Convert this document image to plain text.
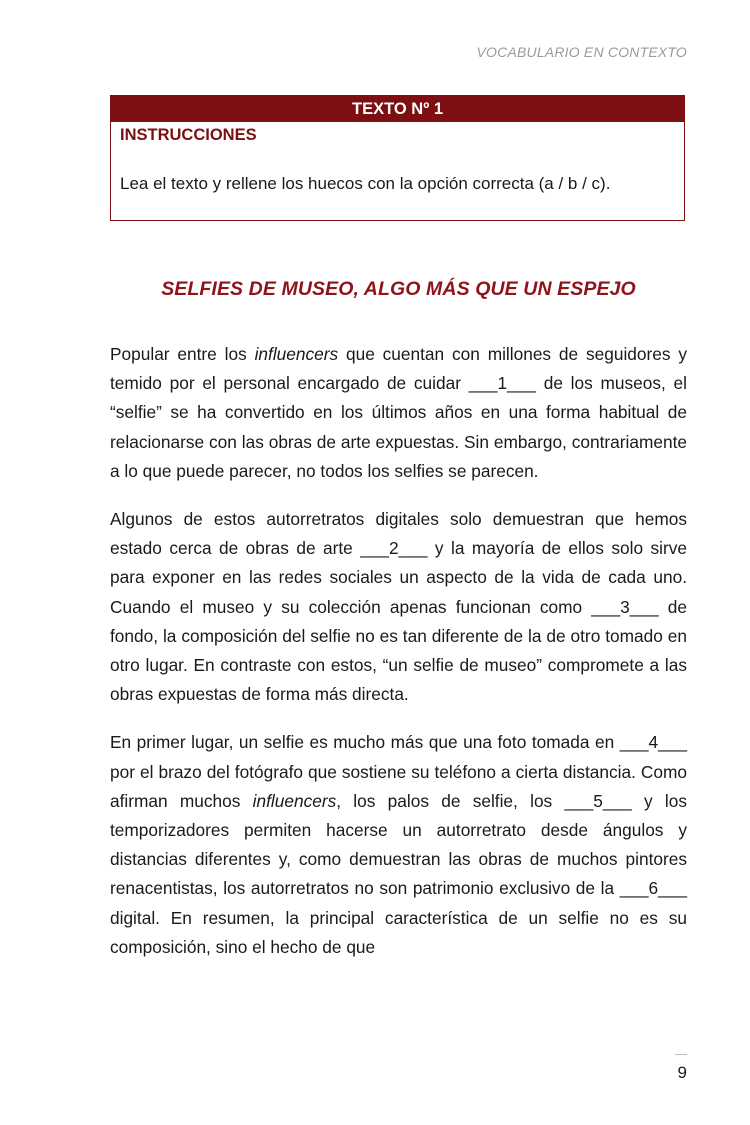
VOCABULARIO EN CONTEXTO
TEXTO Nº 1
INSTRUCCIONES
Lea el texto y rellene los huecos con la opción correcta (a / b / c).
SELFIES DE MUSEO, ALGO MÁS QUE UN ESPEJO

Popular entre los influencers que cuentan con millones de seguidores y temido por el personal encargado de cuidar ___1___ de los museos, el “selfie” se ha convertido en los últimos años en una forma habitual de relacionarse con las obras de arte expuestas. Sin embargo, contrariamente a lo que puede parecer, no todos los selfies se parecen.

Algunos de estos autorretratos digitales solo demuestran que hemos estado cerca de obras de arte ___2___ y la mayoría de ellos solo sirve para exponer en las redes sociales un aspecto de la vida de cada uno. Cuando el museo y su colección apenas funcionan como ___3___ de fondo, la composición del selfie no es tan diferente de la de otro tomado en otro lugar. En contraste con estos, “un selfie de museo” compromete a las obras expuestas de forma más directa.

En primer lugar, un selfie es mucho más que una foto tomada en ___4___ por el brazo del fotógrafo que sostiene su teléfono a cierta distancia. Como afirman muchos influencers, los palos de selfie, los ___5___ y los temporizadores permiten hacerse un autorretrato desde ángulos y distancias diferentes y, como demuestran las obras de muchos pintores renacentistas, los autorretratos no son patrimonio exclusivo de la ___6___ digital. En resumen, la principal característica de un selfie no es su composición, sino el hecho de que

9
